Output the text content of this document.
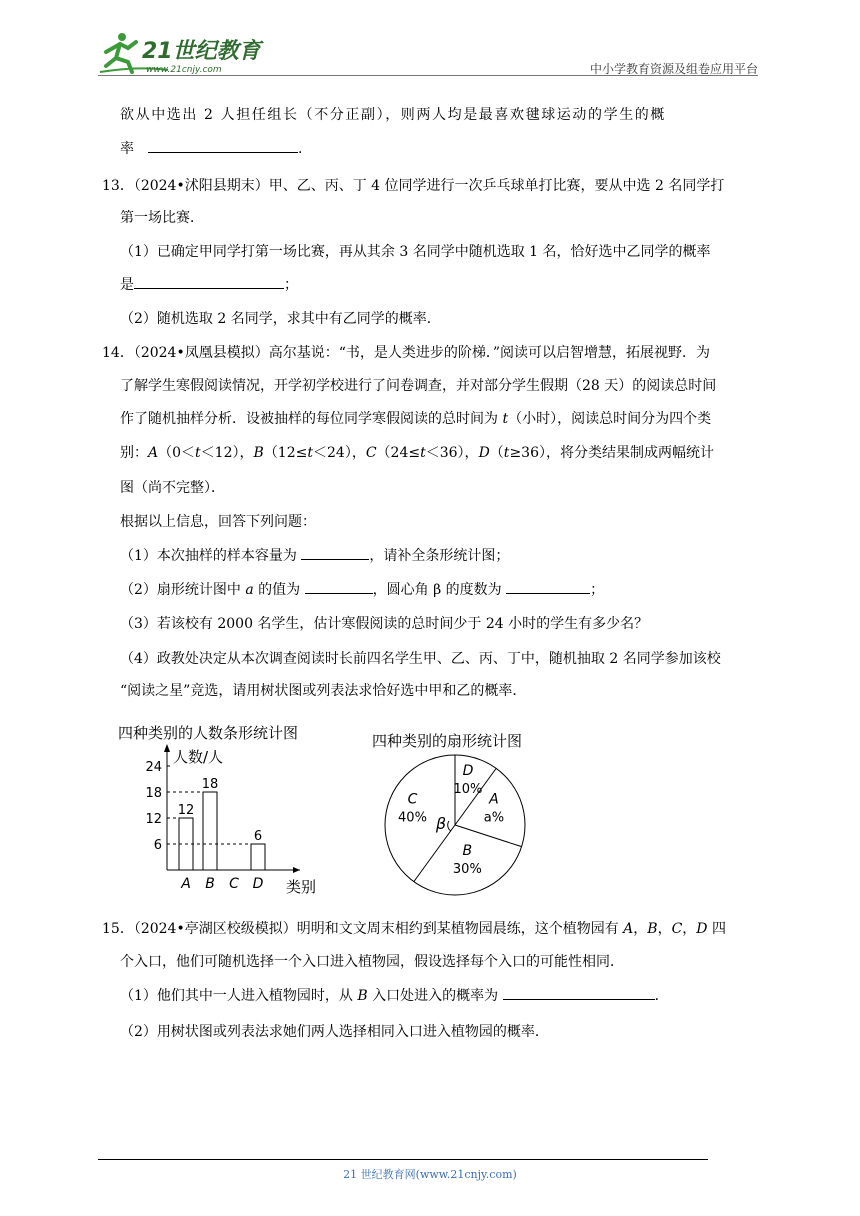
21世纪教育
www.21cnjy.com	中小学教育资源及组卷应用平台
欲从中选出 2 人担任组长（不分正副），则两人均是最喜欢毽球运动的学生的概
率	.
13．（2024•沭阳县期末）甲、乙、丙、丁 4 位同学进行一次乒乓球单打比赛，要从中选 2 名同学打
第一场比赛．
（1）已确定甲同学打第一场比赛，再从其余 3 名同学中随机选取 1 名，恰好选中乙同学的概率
是	；
（2）随机选取 2 名同学，求其中有乙同学的概率．
14．（2024•凤凰县模拟）高尔基说：“书，是人类进步的阶梯．”阅读可以启智增慧，拓展视野．为
了解学生寒假阅读情况，开学初学校进行了问卷调查，并对部分学生假期（28 天）的阅读总时间
作了随机抽样分析．设被抽样的每位同学寒假阅读的总时间为 t（小时），阅读总时间分为四个类
别：A（0＜t＜12），B（12≤t＜24），C（24≤t＜36），D（t≥36），将分类结果制成两幅统计
图（尚不完整）．
根据以上信息，回答下列问题：
（1）本次抽样的样本容量为	，请补全条形统计图；
（2）扇形统计图中 a 的值为	，圆心角 β 的度数为	；
（3）若该校有 2000 名学生，估计寒假阅读的总时间少于 24 小时的学生有多少名？
（4）政教处决定从本次调查阅读时长前四名学生甲、乙、丙、丁中，随机抽取 2 名同学参加该校
“阅读之星”竞选，请用树状图或列表法求恰好选中甲和乙的概率．
四种类别的人数条形统计图
人数/人
类别
6
12
18
24
A
12
B
18
C D
6
四种类别的扇形统计图
D
10%
A
a%
B
30%
C
40% β
15．（2024•亭湖区校级模拟）明明和文文周末相约到某植物园晨练，这个植物园有 A，B，C，D 四
个入口，他们可随机选择一个入口进入植物园，假设选择每个入口的可能性相同．
（1）他们其中一人进入植物园时，从 B 入口处进入的概率为	．
（2）用树状图或列表法求她们两人选择相同入口进入植物园的概率．
21 世纪教育网(www.21cnjy.com)
